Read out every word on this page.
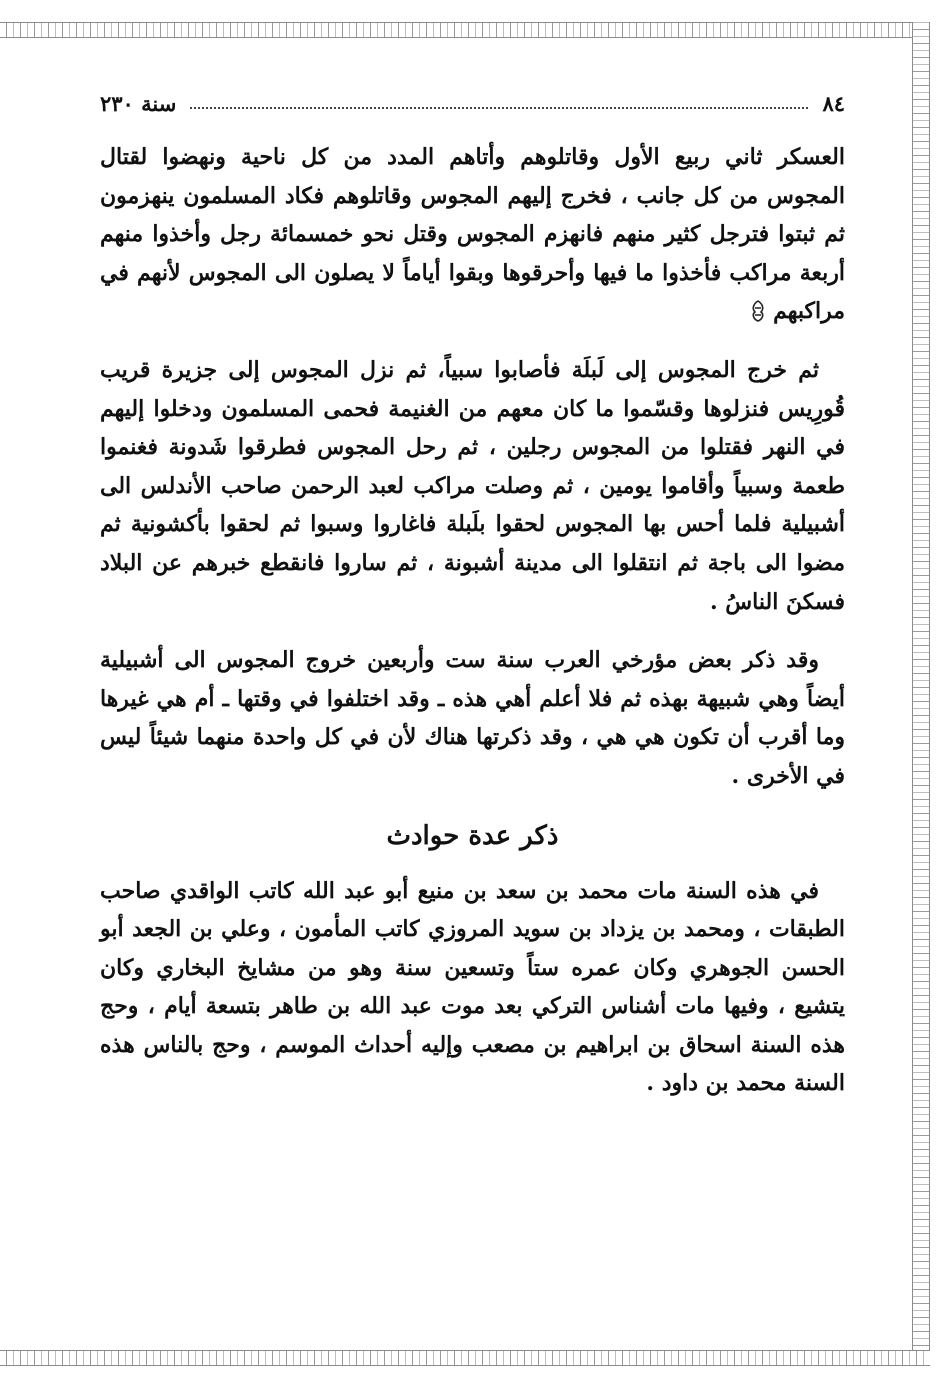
٨٤
سنة ٢٣٠

العسكر ثاني ربيع الأول وقاتلوهم وأتاهم المدد من كل ناحية ونهضوا لقتال المجوس من كل جانب ، فخرج إليهم المجوس وقاتلوهم فكاد المسلمون ينهزمون ثم ثبتوا فترجل كثير منهم فانهزم المجوس وقتل نحو خمسمائة رجل وأخذوا منهم أربعة مراكب فأخذوا ما فيها وأحرقوها وبقوا أياماً لا يصلون الى المجوس لأنهم في مراكبهم

ثم خرج المجوس إلى لَبلَة فأصابوا سبياً، ثم نزل المجوس إلى جزيرة قريب قُورِيس فنزلوها وقسّموا ما كان معهم من الغنيمة فحمى المسلمون ودخلوا إليهم في النهر فقتلوا من المجوس رجلين ، ثم رحل المجوس فطرقوا شَدونة فغنموا طعمة وسبياً وأقاموا يومين ، ثم وصلت مراكب لعبد الرحمن صاحب الأندلس الى أشبيلية فلما أحس بها المجوس لحقوا بلَبلة فاغاروا وسبوا ثم لحقوا بأكشونية ثم مضوا الى باجة ثم انتقلوا الى مدينة أشبونة ، ثم ساروا فانقطع خبرهم عن البلاد فسكنَ الناسُ .

وقد ذكر بعض مؤرخي العرب سنة ست وأربعين خروج المجوس الى أشبيلية أيضاً وهي شبيهة بهذه ثم فلا أعلم أهي هذه ـ وقد اختلفوا في وقتها ـ أم هي غيرها وما أقرب أن تكون هي هي ، وقد ذكرتها هناك لأن في كل واحدة منهما شيئاً ليس في الأخرى .

ذكر عدة حوادث

في هذه السنة مات محمد بن سعد بن منيع أبو عبد الله كاتب الواقدي صاحب الطبقات ، ومحمد بن يزداد بن سويد المروزي كاتب المأمون ، وعلي بن الجعد أبو الحسن الجوهري وكان عمره ستاً وتسعين سنة وهو من مشايخ البخاري وكان يتشيع ، وفيها مات أشناس التركي بعد موت عبد الله بن طاهر بتسعة أيام ، وحج هذه السنة اسحاق بن ابراهيم بن مصعب وإليه أحداث الموسم ، وحج بالناس هذه السنة محمد بن داود .
